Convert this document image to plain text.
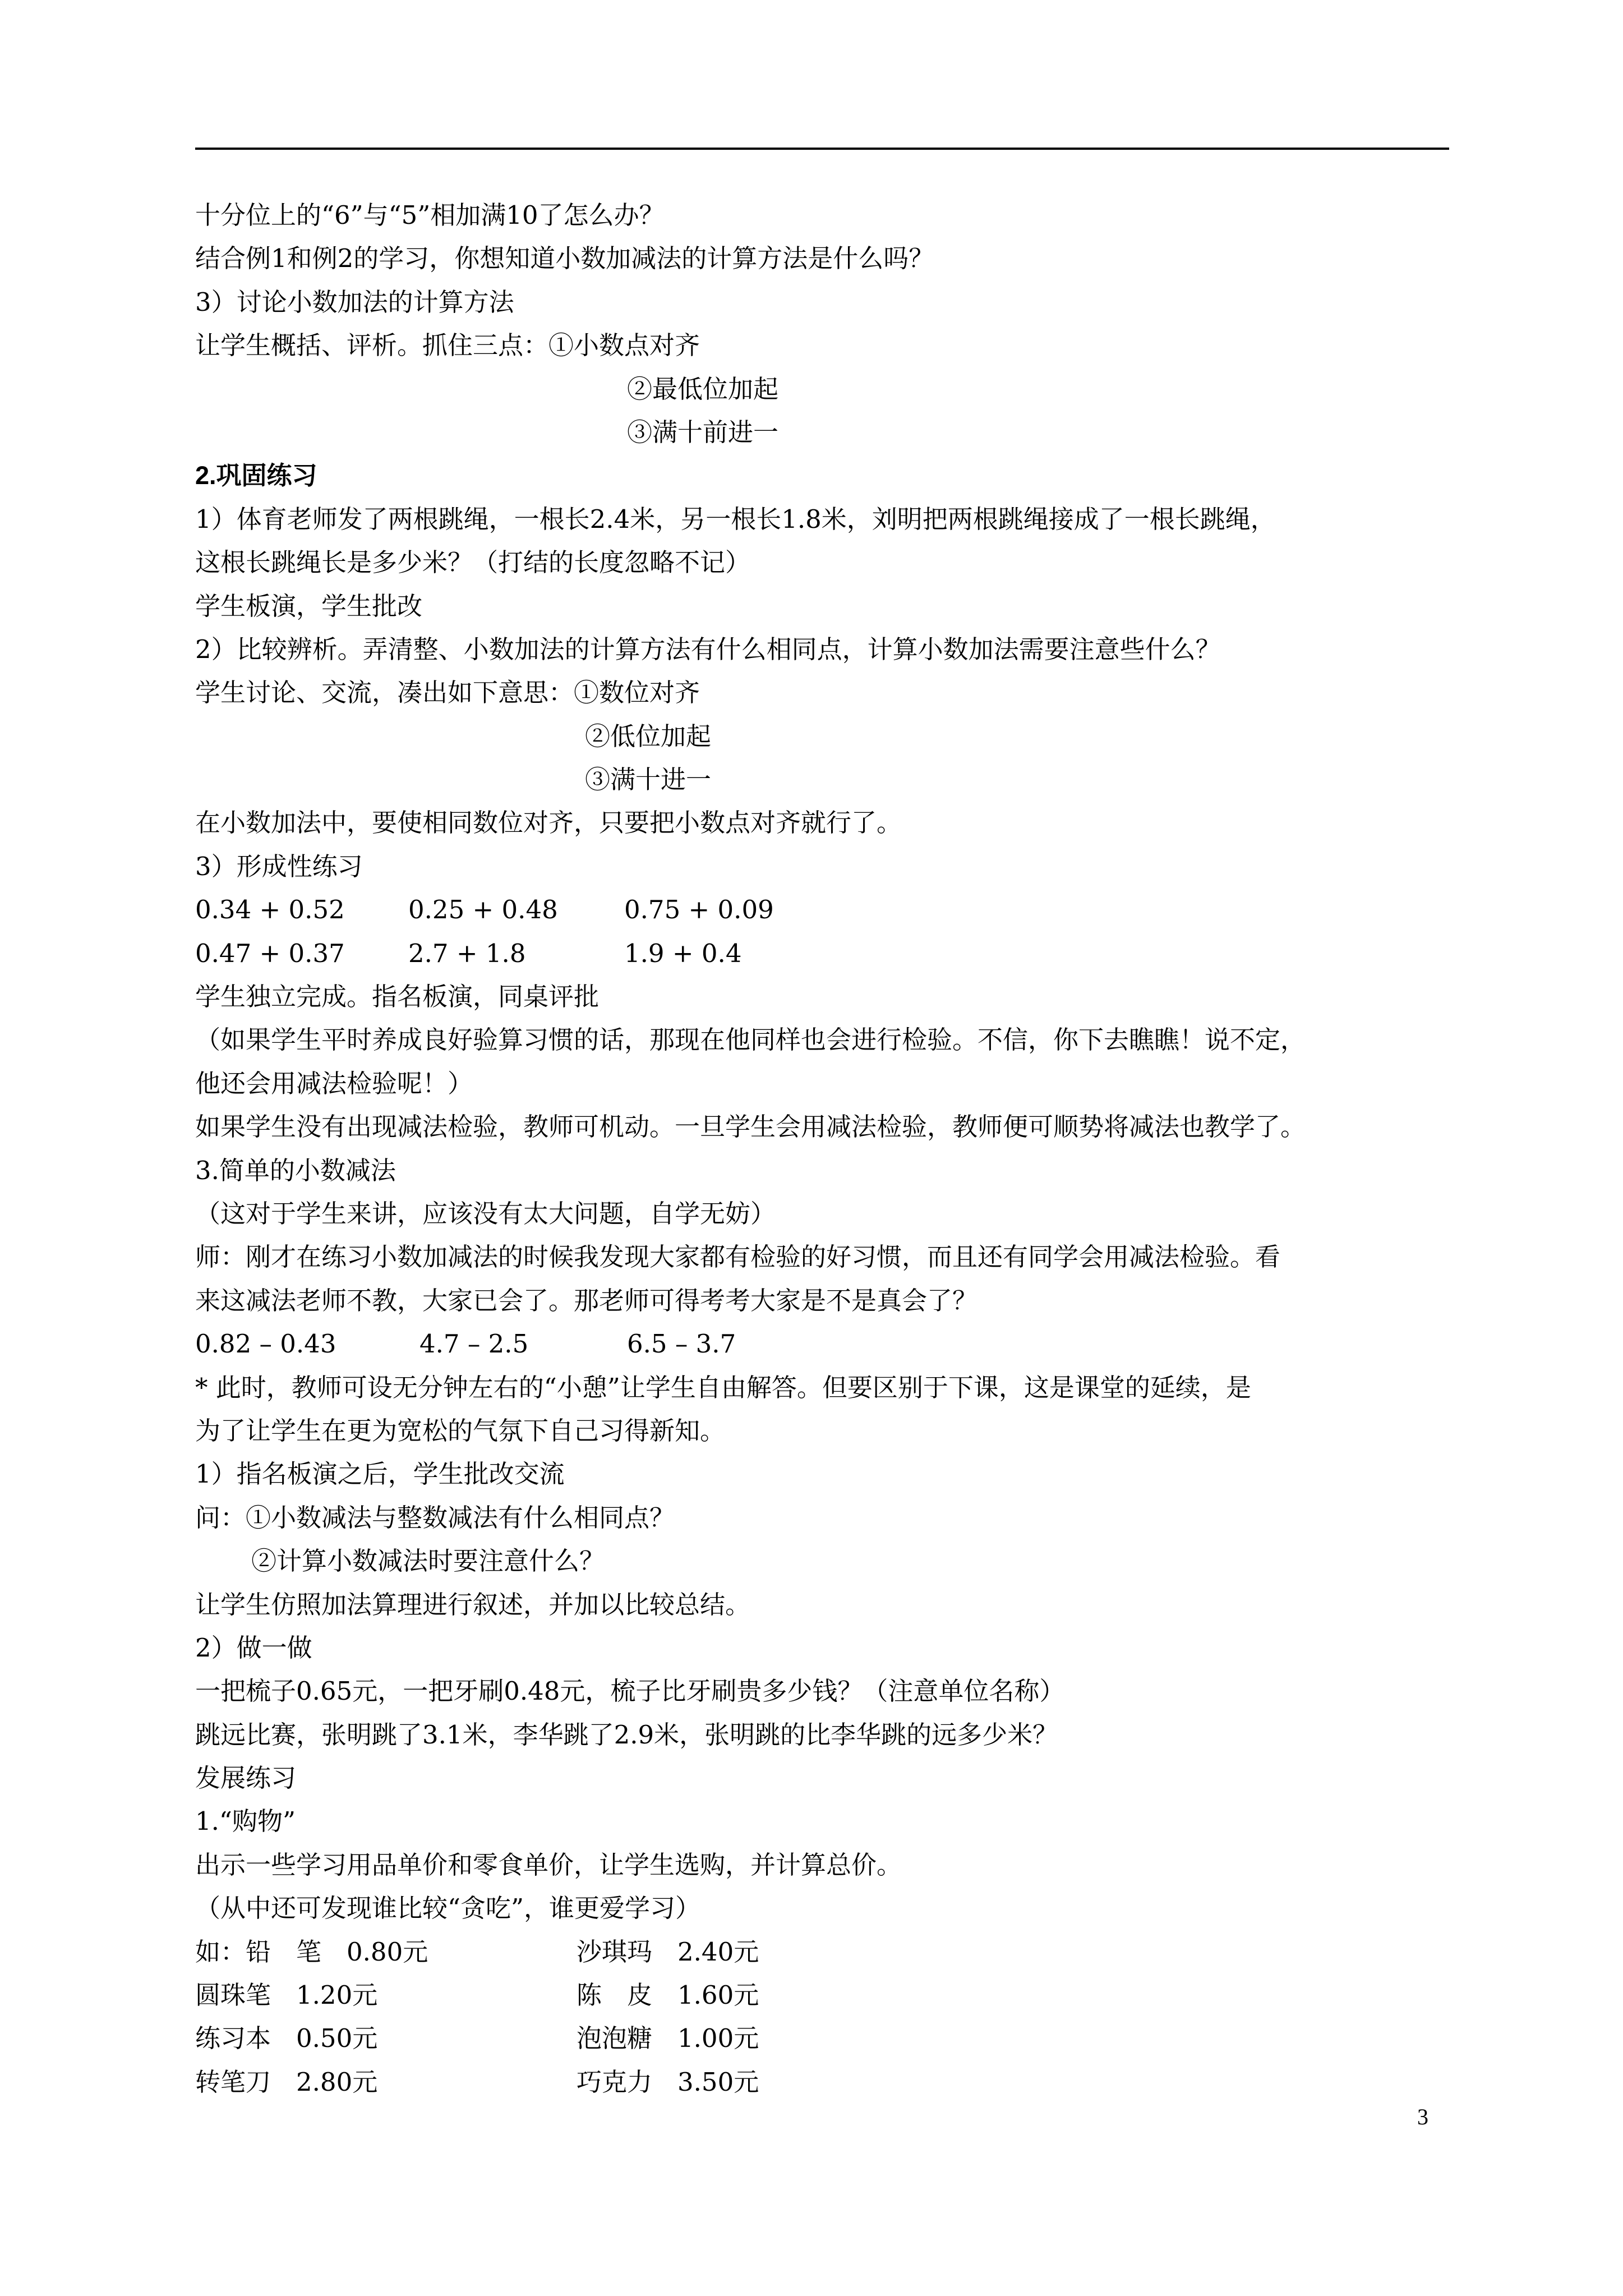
十分位上的“6”与“5”相加满10了怎么办？
结合例1和例2的学习，你想知道小数加减法的计算方法是什么吗？
3）讨论小数加法的计算方法
让学生概括、评析。抓住三点：①小数点对齐
②最低位加起
③满十前进一
2.巩固练习
1）体育老师发了两根跳绳，一根长2.4米，另一根长1.8米，刘明把两根跳绳接成了一根长跳绳，
这根长跳绳长是多少米？（打结的长度忽略不记）
学生板演，学生批改
2）比较辨析。弄清整、小数加法的计算方法有什么相同点，计算小数加法需要注意些什么？
学生讨论、交流，凑出如下意思：①数位对齐
②低位加起
③满十进一
在小数加法中，要使相同数位对齐，只要把小数点对齐就行了。
3）形成性练习
0.34 + 0.52	0.25 + 0.48	0.75 + 0.09
0.47 + 0.37	2.7 + 1.8	1.9 + 0.4
学生独立完成。指名板演，同桌评批
（如果学生平时养成良好验算习惯的话，那现在他同样也会进行检验。不信，你下去瞧瞧！说不定，
他还会用减法检验呢！）
如果学生没有出现减法检验，教师可机动。一旦学生会用减法检验，教师便可顺势将减法也教学了。
3.简单的小数减法
（这对于学生来讲，应该没有太大问题，自学无妨）
师：刚才在练习小数加减法的时候我发现大家都有检验的好习惯，而且还有同学会用减法检验。看
来这减法老师不教，大家已会了。那老师可得考考大家是不是真会了？
0.82 – 0.43	4.7 – 2.5	6.5 – 3.7
* 此时，教师可设无分钟左右的“小憩”让学生自由解答。但要区别于下课，这是课堂的延续，是
为了让学生在更为宽松的气氛下自己习得新知。
1）指名板演之后，学生批改交流
问：①小数减法与整数减法有什么相同点？
②计算小数减法时要注意什么？
让学生仿照加法算理进行叙述，并加以比较总结。
2）做一做
一把梳子0.65元，一把牙刷0.48元，梳子比牙刷贵多少钱？（注意单位名称）
跳远比赛，张明跳了3.1米，李华跳了2.9米，张明跳的比李华跳的远多少米？
发展练习
1.“购物”
出示一些学习用品单价和零食单价，让学生选购，并计算总价。
（从中还可发现谁比较“贪吃”，谁更爱学习）
如：铅　笔　0.80元	沙琪玛　2.40元
圆珠笔　1.20元	陈　皮　1.60元
练习本　0.50元	泡泡糖　1.00元
转笔刀　2.80元	巧克力　3.50元
3
